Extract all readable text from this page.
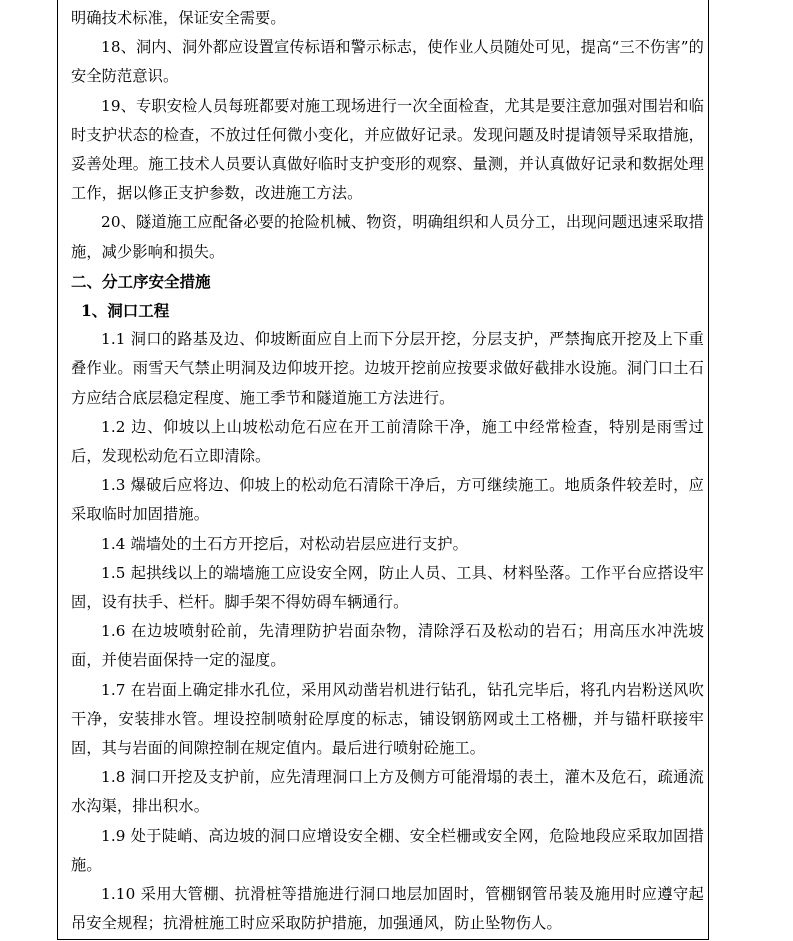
明确技术标准，保证安全需要。

18、洞内、洞外都应设置宣传标语和警示标志，使作业人员随处可见，提高“三不伤害”的安全防范意识。

19、专职安检人员每班都要对施工现场进行一次全面检查，尤其是要注意加强对围岩和临时支护状态的检查，不放过任何微小变化，并应做好记录。发现问题及时提请领导采取措施，妥善处理。施工技术人员要认真做好临时支护变形的观察、量测，并认真做好记录和数据处理工作，据以修正支护参数，改进施工方法。

20、隧道施工应配备必要的抢险机械、物资，明确组织和人员分工，出现问题迅速采取措施，减少影响和损失。

二、分工序安全措施

1、洞口工程

1.1 洞口的路基及边、仰坡断面应自上而下分层开挖，分层支护，严禁掏底开挖及上下重叠作业。雨雪天气禁止明洞及边仰坡开挖。边坡开挖前应按要求做好截排水设施。洞门口土石方应结合底层稳定程度、施工季节和隧道施工方法进行。

1.2 边、仰坡以上山坡松动危石应在开工前清除干净，施工中经常检查，特别是雨雪过后，发现松动危石立即清除。

1.3 爆破后应将边、仰坡上的松动危石清除干净后，方可继续施工。地质条件较差时，应采取临时加固措施。

1.4 端墙处的土石方开挖后，对松动岩层应进行支护。

1.5 起拱线以上的端墙施工应设安全网，防止人员、工具、材料坠落。工作平台应搭设牢固，设有扶手、栏杆。脚手架不得妨碍车辆通行。

1.6 在边坡喷射砼前，先清理防护岩面杂物，清除浮石及松动的岩石；用高压水冲洗坡面，并使岩面保持一定的湿度。

1.7 在岩面上确定排水孔位，采用风动凿岩机进行钻孔，钻孔完毕后，将孔内岩粉送风吹干净，安装排水管。埋设控制喷射砼厚度的标志，铺设钢筋网或土工格栅，并与锚杆联接牢固，其与岩面的间隙控制在规定值内。最后进行喷射砼施工。

1.8 洞口开挖及支护前，应先清理洞口上方及侧方可能滑塌的表土，灌木及危石，疏通流水沟渠，排出积水。

1.9 处于陡峭、高边坡的洞口应增设安全棚、安全栏栅或安全网，危险地段应采取加固措施。

1.10 采用大管棚、抗滑桩等措施进行洞口地层加固时，管棚钢管吊装及施用时应遵守起吊安全规程；抗滑桩施工时应采取防护措施，加强通风，防止坠物伤人。
